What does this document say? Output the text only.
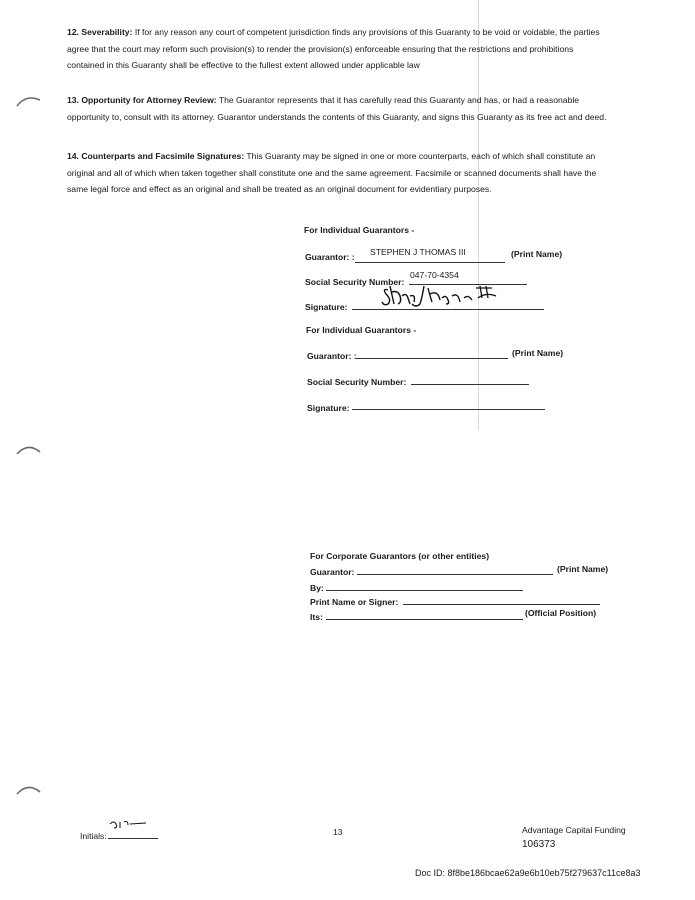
12. Severability: If for any reason any court of competent jurisdiction finds any provisions of this Guaranty to be void or voidable, the parties agree that the court may reform such provision(s) to render the provision(s) enforceable ensuring that the restrictions and prohibitions contained in this Guaranty shall be effective to the fullest extent allowed under applicable law
13. Opportunity for Attorney Review: The Guarantor represents that it has carefully read this Guaranty and has, or had a reasonable opportunity to, consult with its attorney. Guarantor understands the contents of this Guaranty, and signs this Guaranty as its free act and deed.
14. Counterparts and Facsimile Signatures: This Guaranty may be signed in one or more counterparts, each of which shall constitute an original and all of which when taken together shall constitute one and the same agreement. Facsimile or scanned documents shall have the same legal force and effect as an original and shall be treated as an original document for evidentiary purposes.
For Individual Guarantors -
Guarantor: : STEPHEN J THOMAS III	(Print Name)
Social Security Number:
047-70-4354
Signature:
For Individual Guarantors -
Guarantor: :	(Print Name)
Social Security Number:
Signature:
For Corporate Guarantors (or other entities)
Guarantor:	(Print Name)
By:
Print Name or Signer:
Its:	(Official Position)
Initials:	13	Advantage Capital Funding
106373
Doc ID: 8f8be186bcae62a9e6b10eb75f279637c11ce8a3
